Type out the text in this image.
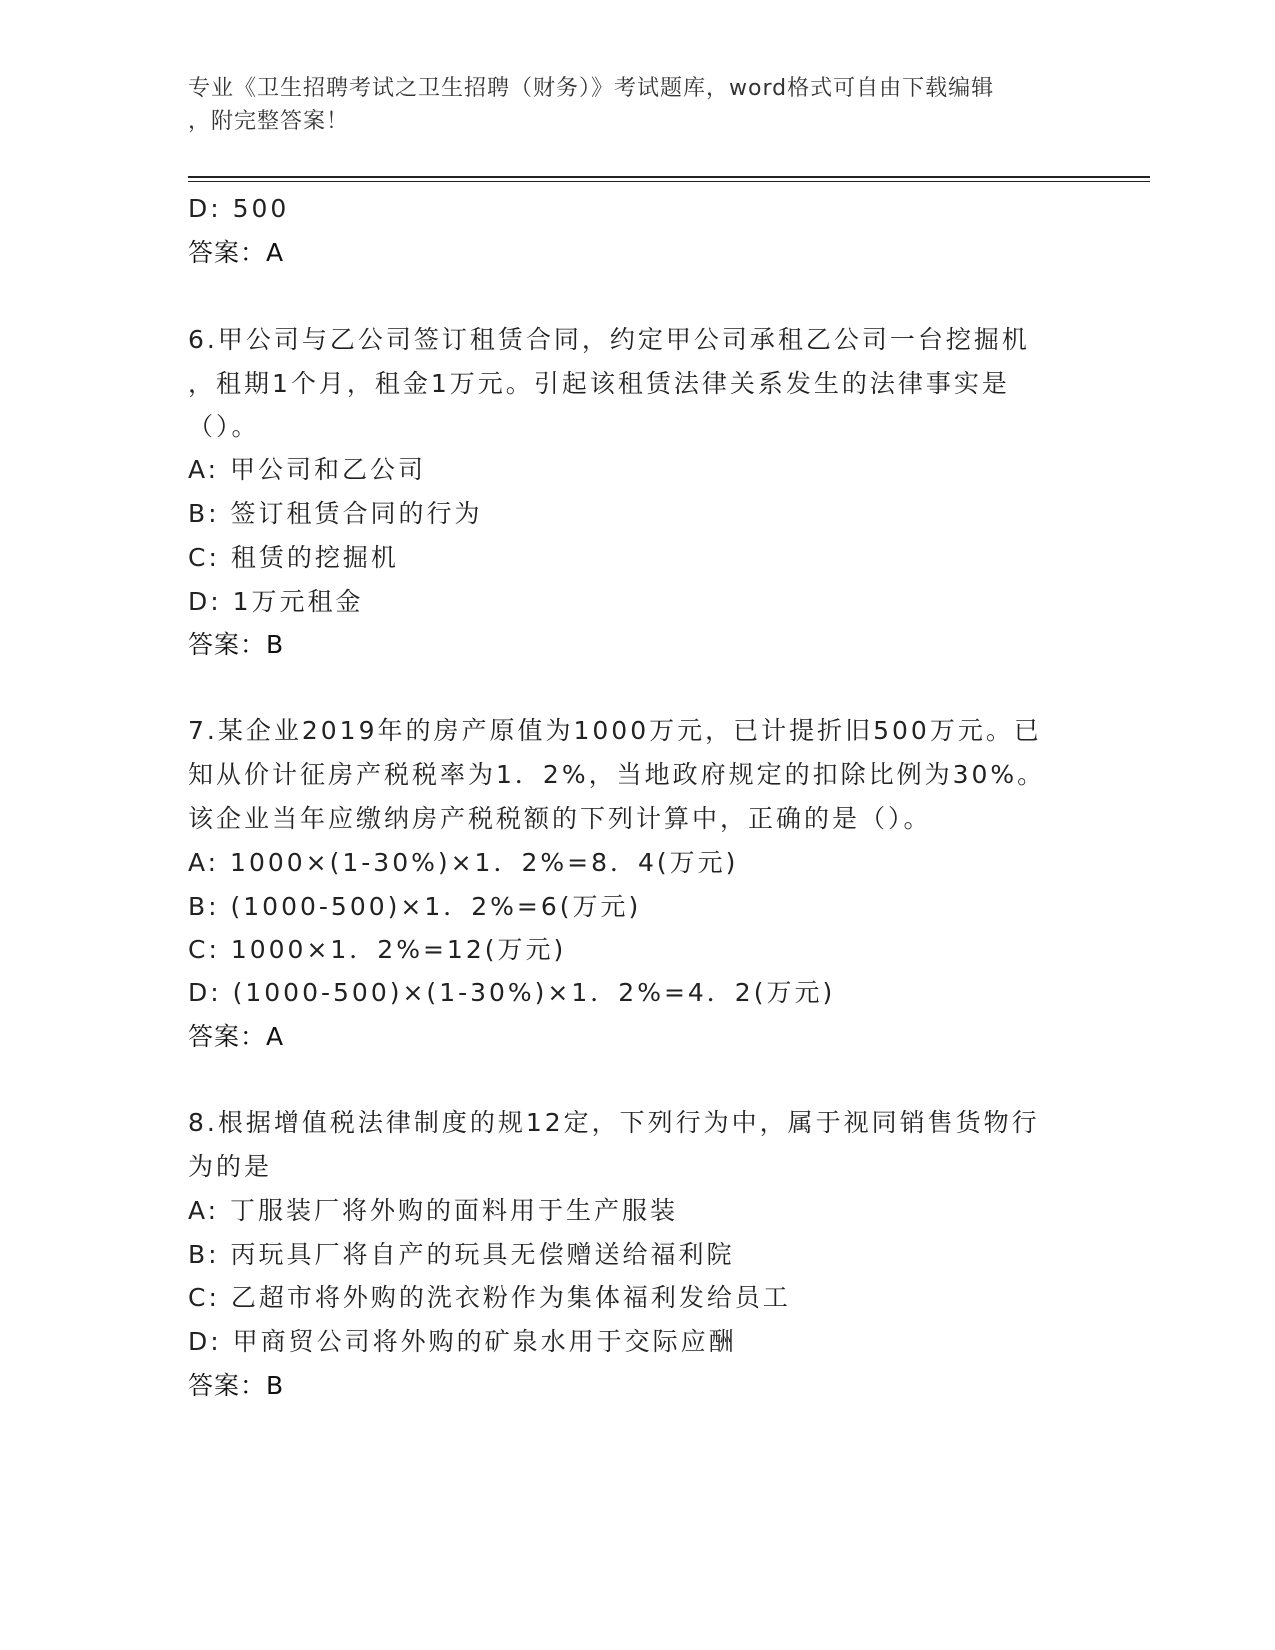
专业《卫生招聘考试之卫生招聘（财务）》考试题库，word格式可自由下载编辑
，附完整答案！
D: 500
答案：A
6.甲公司与乙公司签订租赁合同，约定甲公司承租乙公司一台挖掘机
，租期1个月，租金1万元。引起该租赁法律关系发生的法律事实是
（）。
A: 甲公司和乙公司
B: 签订租赁合同的行为
C: 租赁的挖掘机
D: 1万元租金
答案：B
7.某企业2019年的房产原值为1000万元，已计提折旧500万元。已
知从价计征房产税税率为1．2%，当地政府规定的扣除比例为30%。
该企业当年应缴纳房产税税额的下列计算中，正确的是（）。
A: 1000×(1-30%)×1．2%=8．4(万元)
B: (1000-500)×1．2%=6(万元)
C: 1000×1．2%=12(万元)
D: (1000-500)×(1-30%)×1．2%=4．2(万元)
答案：A
8.根据增值税法律制度的规12定，下列行为中，属于视同销售货物行
为的是
A: 丁服装厂将外购的面料用于生产服装
B: 丙玩具厂将自产的玩具无偿赠送给福利院
C: 乙超市将外购的洗衣粉作为集体福利发给员工
D: 甲商贸公司将外购的矿泉水用于交际应酬
答案：B
